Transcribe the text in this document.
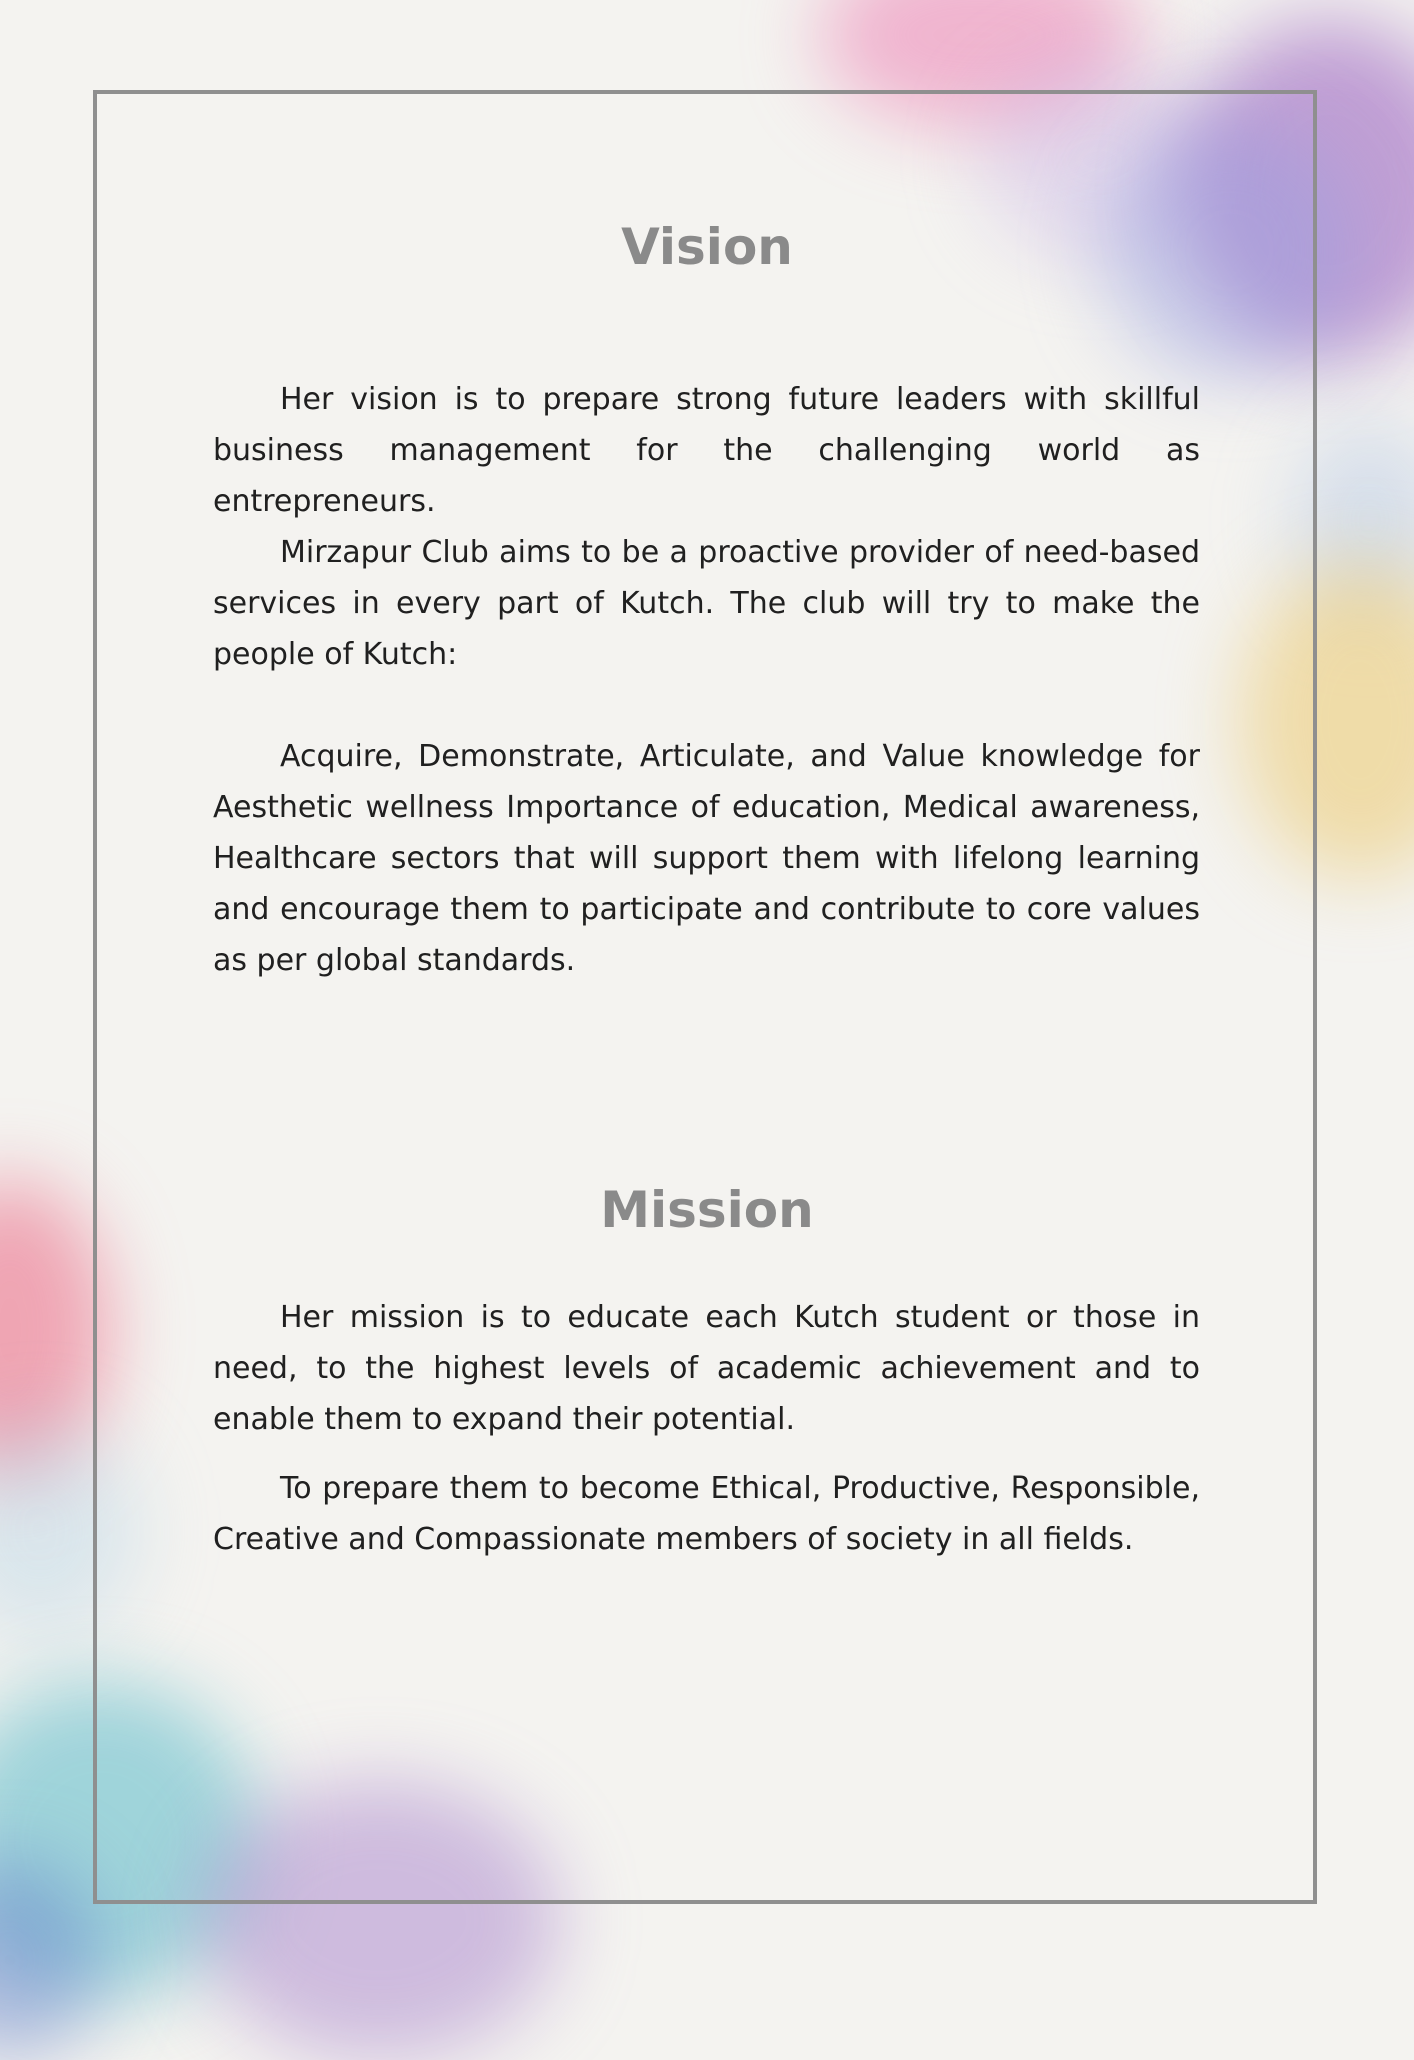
Vision

Her vision is to prepare strong future leaders with skillful business management for the challenging world as entrepreneurs.

Mirzapur Club aims to be a proactive provider of need-based services in every part of Kutch. The club will try to make the people of Kutch:

Acquire, Demonstrate, Articulate, and Value knowledge for Aesthetic wellness Importance of education, Medical awareness, Healthcare sectors that will support them with lifelong learning and encourage them to participate and contribute to core values as per global standards.

Mission

Her mission is to educate each Kutch student or those in need, to the highest levels of academic achievement and to enable them to expand their potential.

To prepare them to become Ethical, Productive, Responsible, Creative and Compassionate members of society in all fields.
